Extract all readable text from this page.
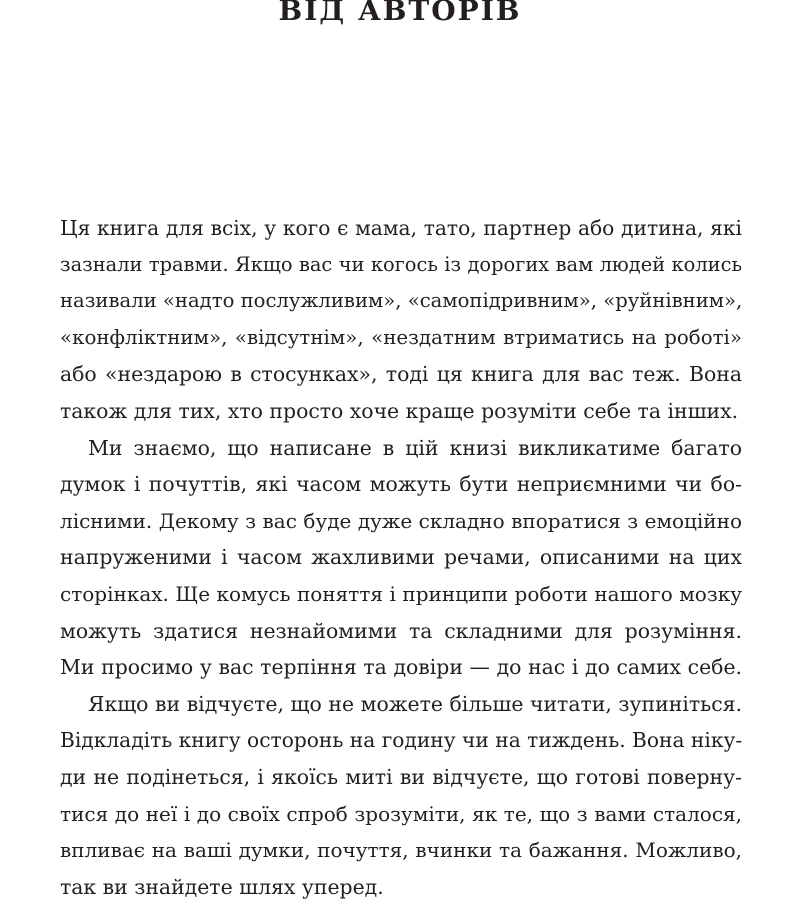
ВІД АВТОРІВ
Ця книга для всіх, у кого є мама, тато, партнер або дитина, які
зазнали травми. Якщо вас чи когось із дорогих вам людей колись
називали «надто послужливим», «самопідривним», «руйнівним»,
«конфліктним», «відсутнім», «нездатним втриматись на роботі»
або «нездарою в стосунках», тоді ця книга для вас теж. Вона
також для тих, хто просто хоче краще розуміти себе та інших.
Ми знаємо, що написане в цій книзі викликатиме багато
думок і почуттів, які часом можуть бути неприємними чи бо-
лісними. Декому з вас буде дуже складно впоратися з емоційно
напруженими і часом жахливими речами, описаними на цих
сторінках. Ще комусь поняття і принципи роботи нашого мозку
можуть здатися незнайомими та складними для розуміння.
Ми просимо у вас терпіння та довіри — до нас і до самих себе.
Якщо ви відчуєте, що не можете більше читати, зупиніться.
Відкладіть книгу осторонь на годину чи на тиждень. Вона ніку-
ди не подінеться, і якоїсь миті ви відчуєте, що готові поверну-
тися до неї і до своїх спроб зрозуміти, як те, що з вами сталося,
впливає на ваші думки, почуття, вчинки та бажання. Можливо,
так ви знайдете шлях уперед.
